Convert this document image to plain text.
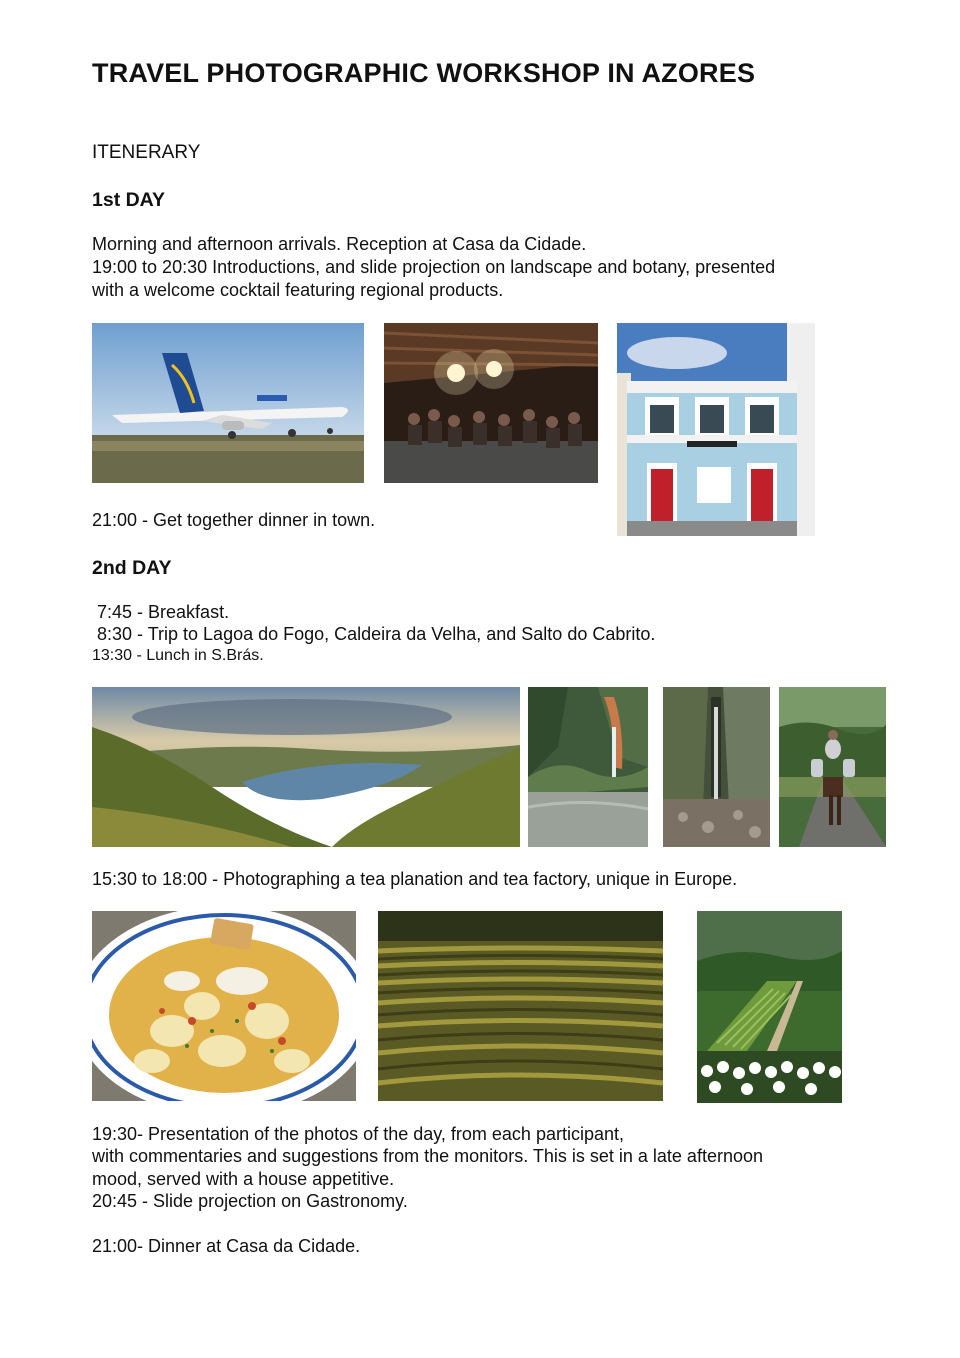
TRAVEL PHOTOGRAPHIC WORKSHOP IN AZORES
ITENERARY
1st DAY
Morning and afternoon arrivals. Reception at Casa da Cidade.
19:00 to 20:30 Introductions, and slide projection on landscape and botany, presented
with a welcome cocktail featuring regional products.
21:00 - Get together dinner in town.
2nd DAY
7:45 - Breakfast.
8:30 - Trip to Lagoa do Fogo, Caldeira da Velha, and Salto do Cabrito.
13:30 - Lunch in S.Brás.
15:30 to 18:00 - Photographing a tea planation and tea factory, unique in Europe.
19:30- Presentation of the photos of the day, from each participant,
with commentaries and suggestions from the monitors. This is set in a late afternoon
mood, served with a house appetitive.
20:45 - Slide projection on Gastronomy.
21:00- Dinner at Casa da Cidade.
